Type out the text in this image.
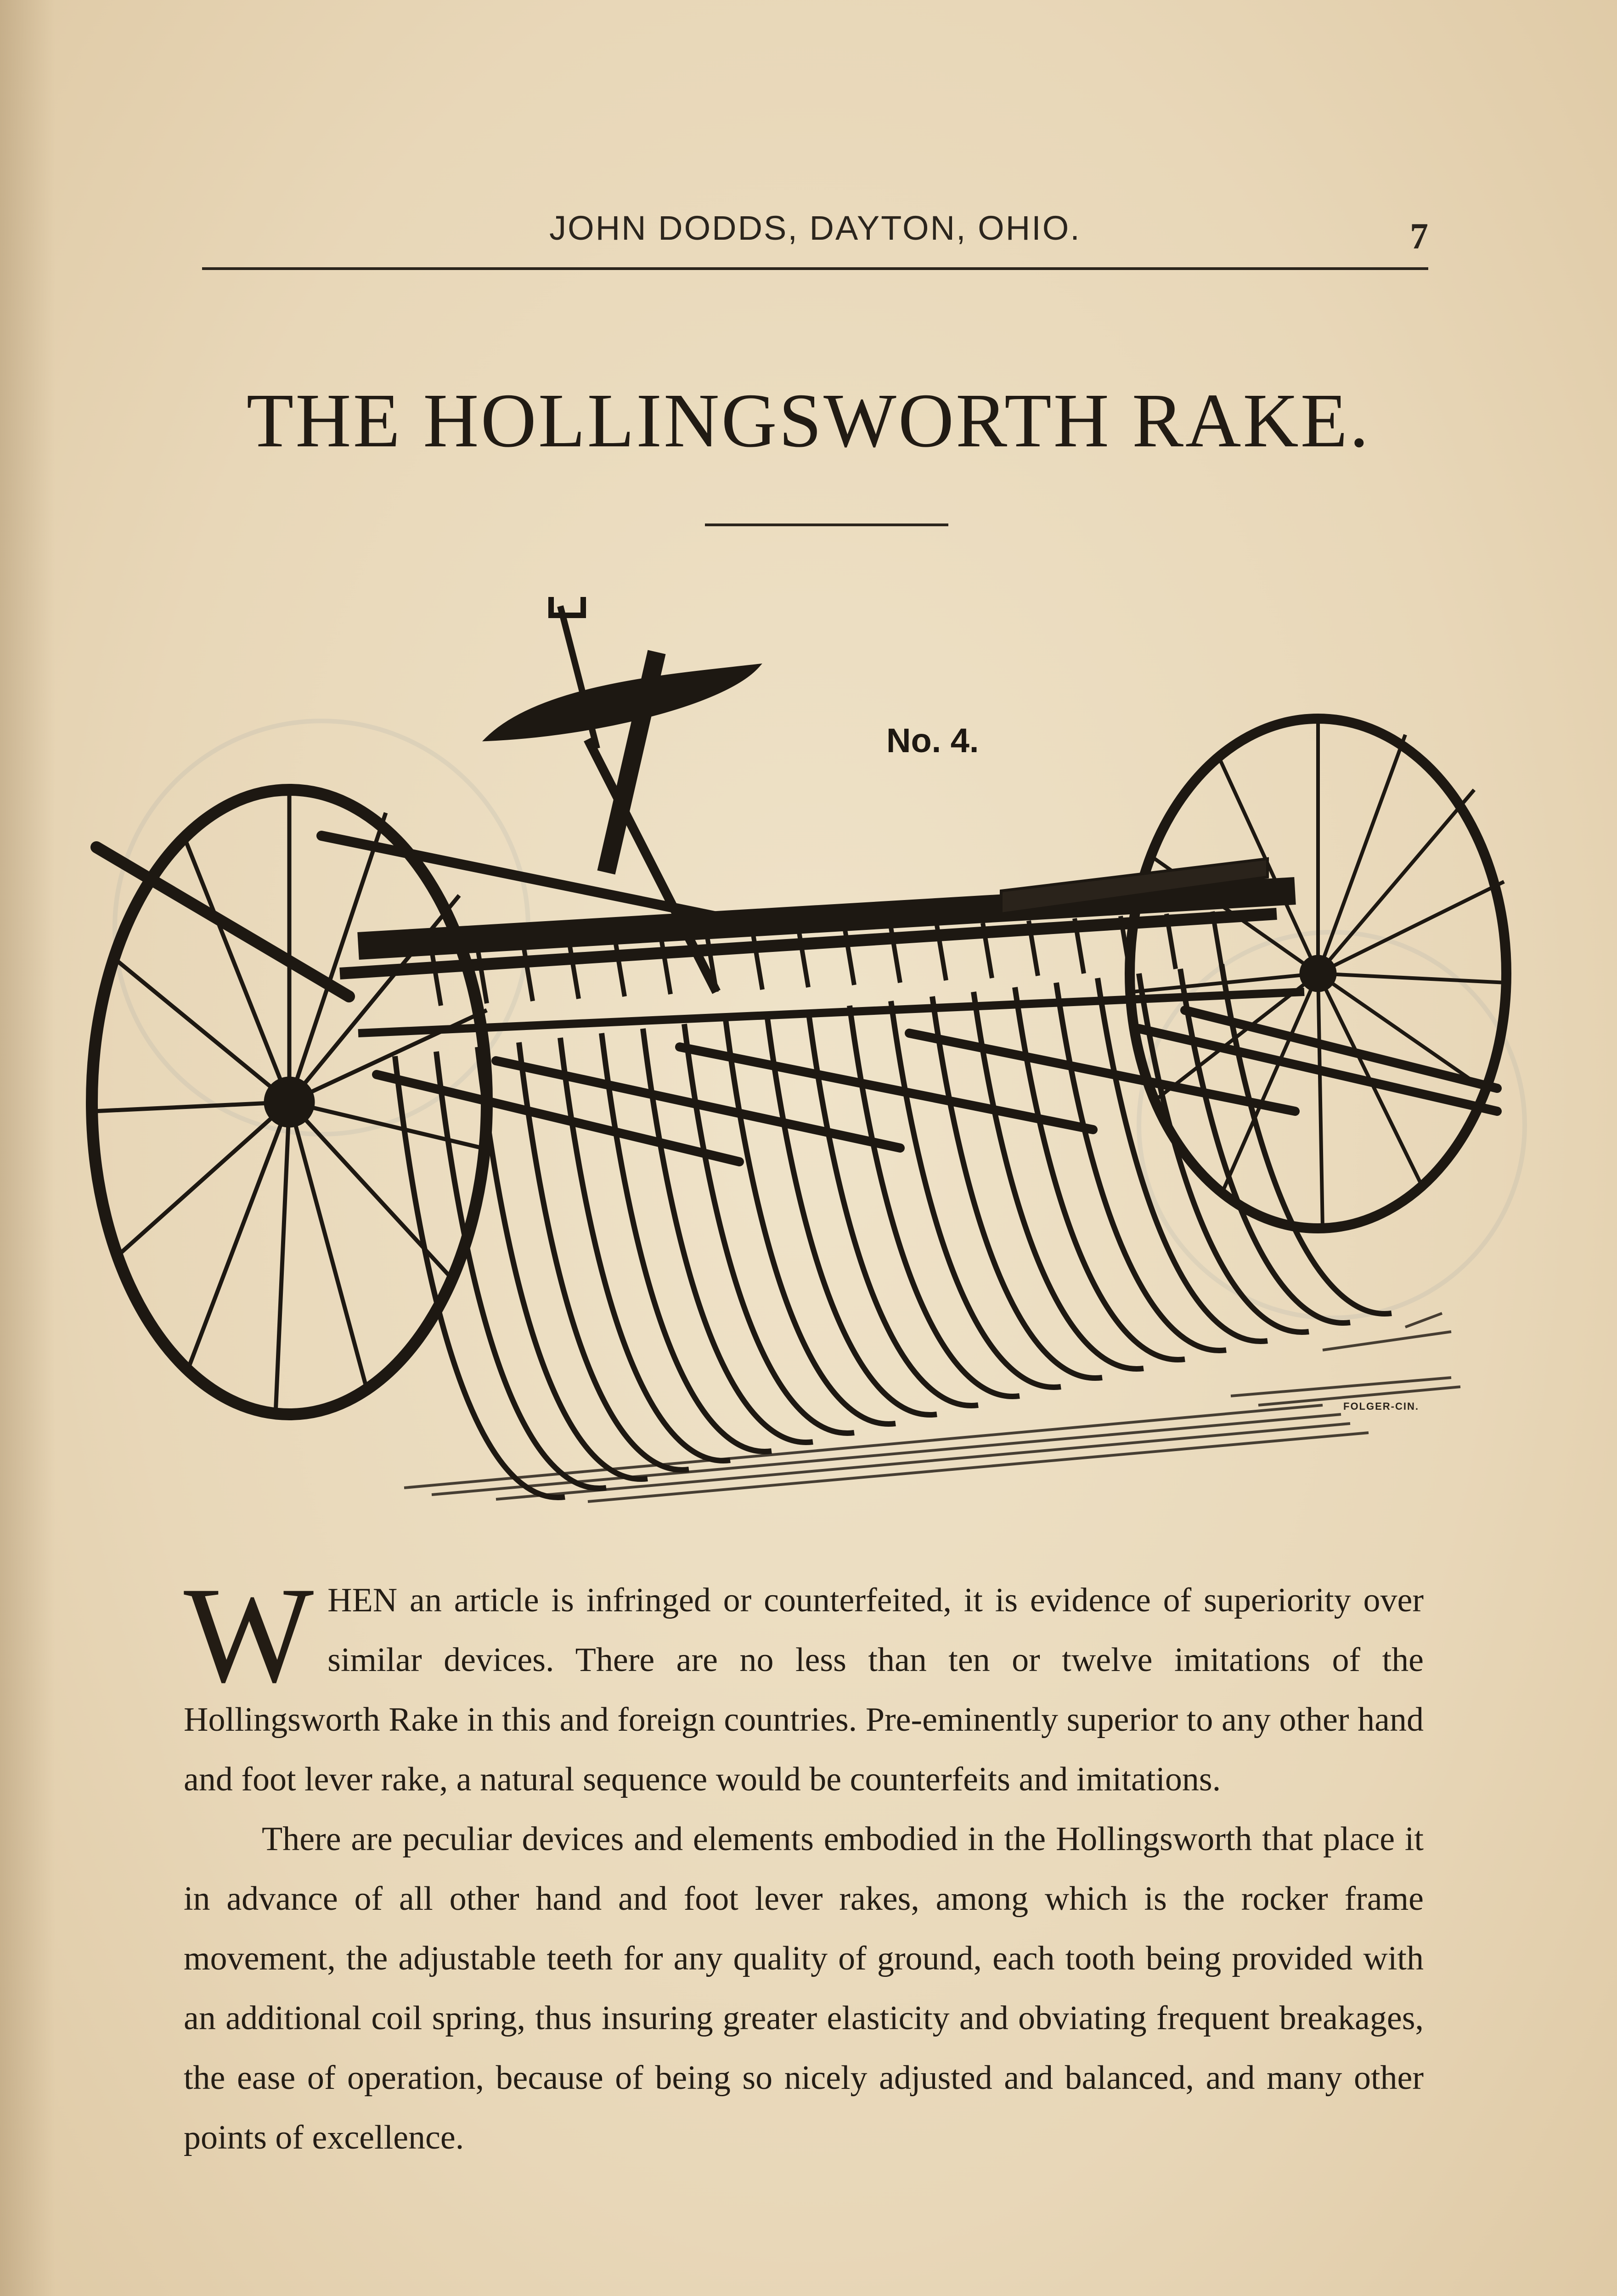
JOHN DODDS, DAYTON, OHIO.	7
THE HOLLINGSWORTH RAKE.
No. 4.
FOLGER-CIN.

WHEN an article is infringed or counterfeited, it is evidence of superiority over similar devices. There are no less than ten or twelve imitations of the Hollingsworth Rake in this and foreign countries. Pre-eminently superior to any other hand and foot lever rake, a natural sequence would be counterfeits and imitations.

There are peculiar devices and elements embodied in the Hollingsworth that place it in advance of all other hand and foot lever rakes, among which is the rocker frame movement, the adjustable teeth for any quality of ground, each tooth being provided with an additional coil spring, thus insuring greater elasticity and obviating frequent breakages, the ease of operation, because of being so nicely adjusted and balanced, and many other points of excellence.
